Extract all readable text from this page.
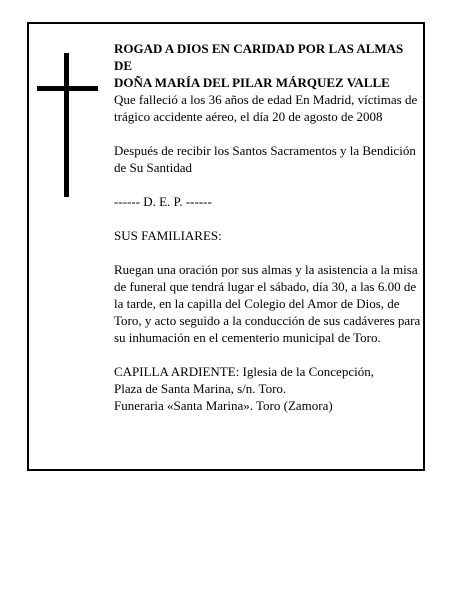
ROGAD A DIOS EN CARIDAD POR LAS ALMAS DE

DOÑA MARÍA DEL PILAR MÁRQUEZ VALLE

Que falleció a los 36 años de edad En Madrid, víctimas de trágico accidente aéreo, el día 20 de agosto de 2008

Después de recibir los Santos Sacramentos y la Bendición de Su Santidad

------ D. E. P. ------

SUS FAMILIARES:

Ruegan una oración por sus almas y la asistencia a la misa de funeral que tendrá lugar el sábado, día 30, a las 6.00 de la tarde, en la capilla del Colegio del Amor de Dios, de Toro, y acto seguido a la conducción de sus cadáveres para su inhumación en el cementerio municipal de Toro.

CAPILLA ARDIENTE: Iglesia de la Concepción,

Plaza de Santa Marina, s/n. Toro.

Funeraria «Santa Marina». Toro (Zamora)
